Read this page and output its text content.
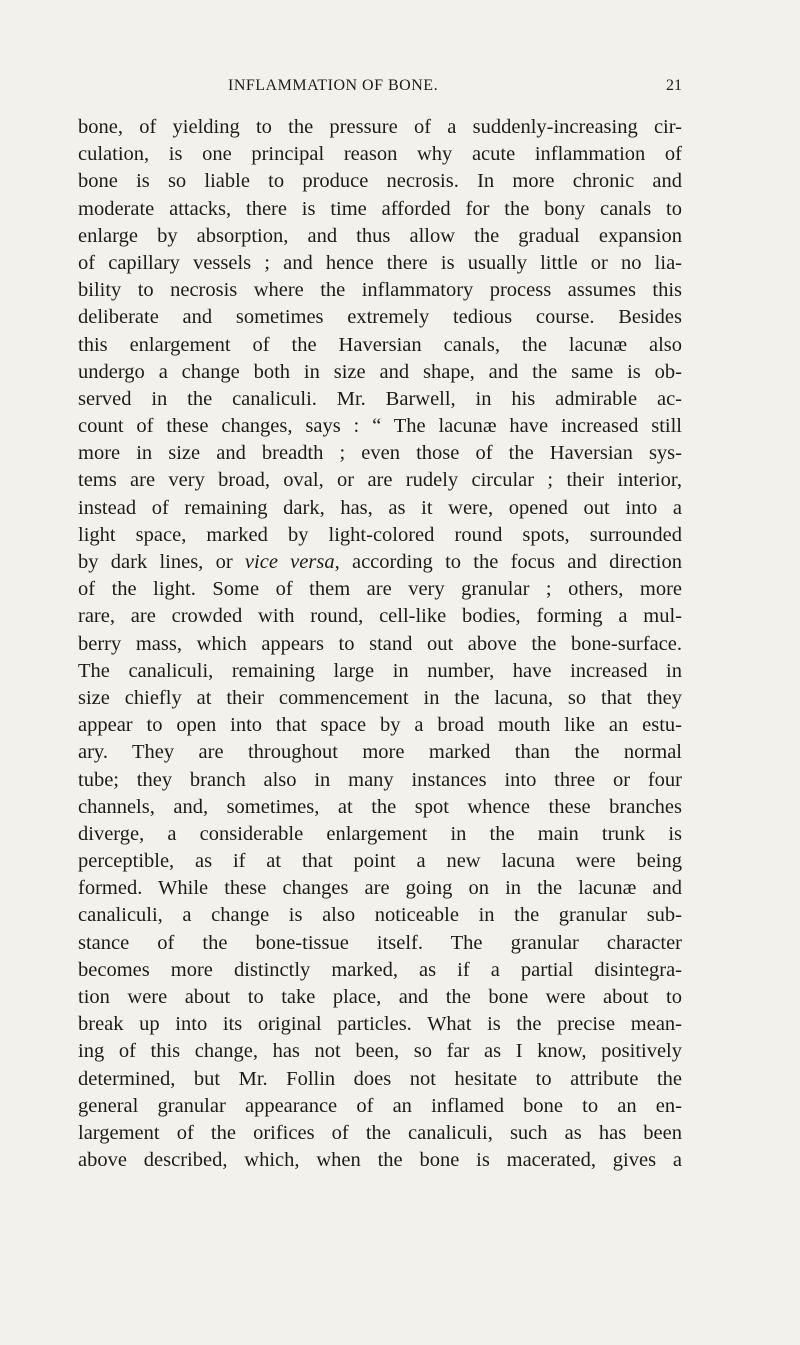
INFLAMMATION OF BONE.	21
bone, of yielding to the pressure of a suddenly-increasing cir-
culation, is one principal reason why acute inflammation of
bone is so liable to produce necrosis. In more chronic and
moderate attacks, there is time afforded for the bony canals to
enlarge by absorption, and thus allow the gradual expansion
of capillary vessels ; and hence there is usually little or no lia-
bility to necrosis where the inflammatory process assumes this
deliberate and sometimes extremely tedious course. Besides
this enlargement of the Haversian canals, the lacunæ also
undergo a change both in size and shape, and the same is ob-
served in the canaliculi. Mr. Barwell, in his admirable ac-
count of these changes, says : “ The lacunæ have increased still
more in size and breadth ; even those of the Haversian sys-
tems are very broad, oval, or are rudely circular ; their interior,
instead of remaining dark, has, as it were, opened out into a
light space, marked by light-colored round spots, surrounded
by dark lines, or vice versa, according to the focus and direction
of the light. Some of them are very granular ; others, more
rare, are crowded with round, cell-like bodies, forming a mul-
berry mass, which appears to stand out above the bone-surface.
The canaliculi, remaining large in number, have increased in
size chiefly at their commencement in the lacuna, so that they
appear to open into that space by a broad mouth like an estu-
ary. They are throughout more marked than the normal
tube; they branch also in many instances into three or four
channels, and, sometimes, at the spot whence these branches
diverge, a considerable enlargement in the main trunk is
perceptible, as if at that point a new lacuna were being
formed. While these changes are going on in the lacunæ and
canaliculi, a change is also noticeable in the granular sub-
stance of the bone-tissue itself. The granular character
becomes more distinctly marked, as if a partial disintegra-
tion were about to take place, and the bone were about to
break up into its original particles. What is the precise mean-
ing of this change, has not been, so far as I know, positively
determined, but Mr. Follin does not hesitate to attribute the
general granular appearance of an inflamed bone to an en-
largement of the orifices of the canaliculi, such as has been
above described, which, when the bone is macerated, gives a
